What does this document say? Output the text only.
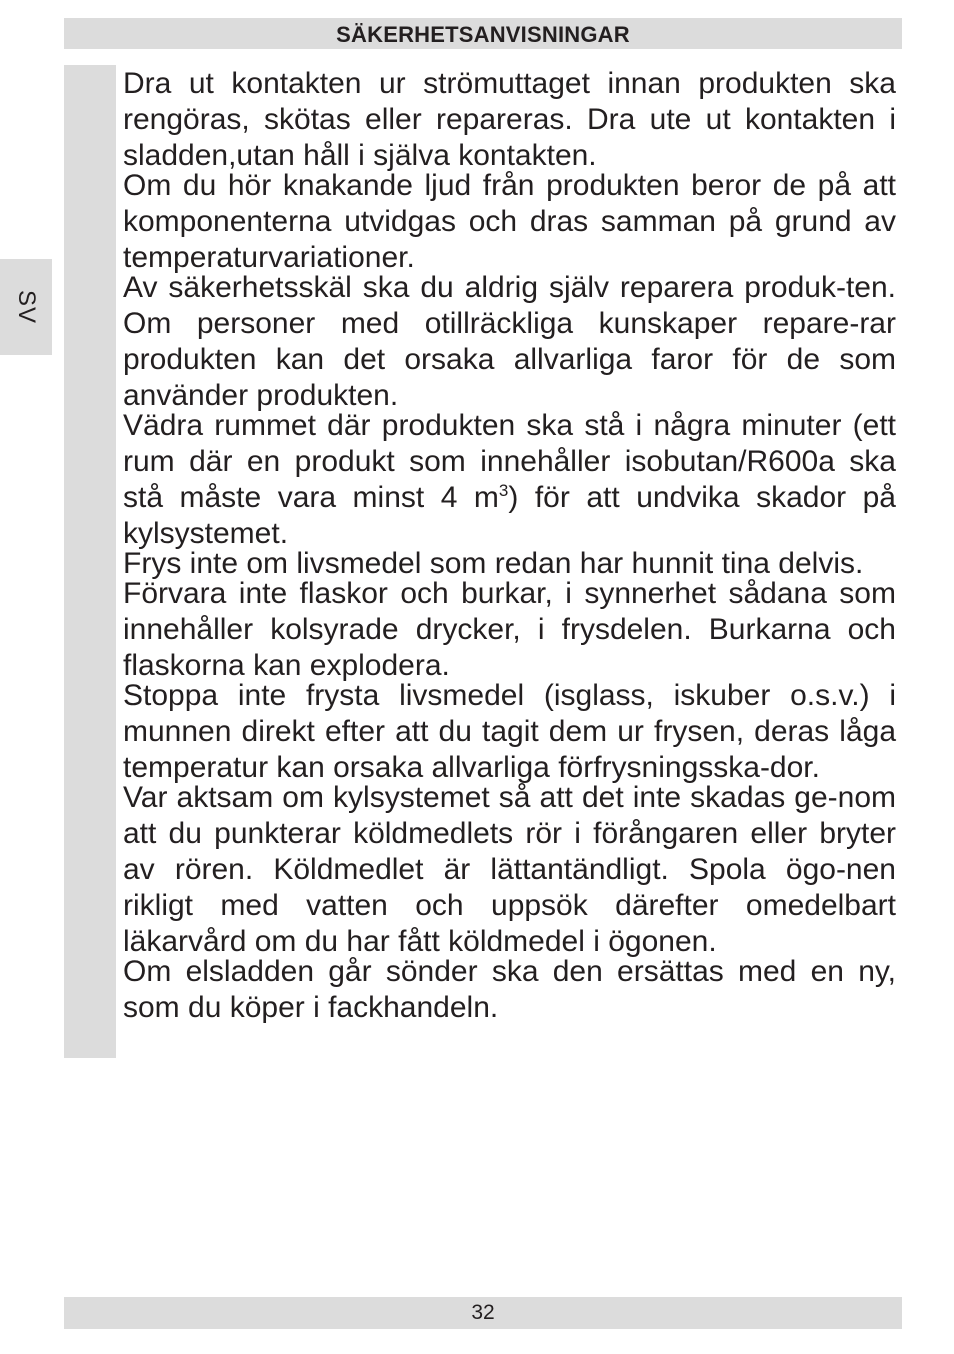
SÄKERHETSANVISNINGAR
SV

Dra ut kontakten ur strömuttaget innan produkten ska rengöras, skötas eller repareras. Dra ute ut kontakten i sladden,utan håll i själva kontakten.

Om du hör knakande ljud från produkten beror de på att komponenterna utvidgas och dras samman på grund av temperaturvariationer.

Av säkerhetsskäl ska du aldrig själv reparera produk-ten. Om personer med otillräckliga kunskaper repare-rar produkten kan det orsaka allvarliga faror för de som använder produkten.

Vädra rummet där produkten ska stå i några minuter (ett rum där en produkt som innehåller isobutan/R600a ska stå måste vara minst 4 $m^3$) för att undvika skador på kylsystemet.

Frys inte om livsmedel som redan har hunnit tina delvis.

Förvara inte flaskor och burkar, i synnerhet sådana som innehåller kolsyrade drycker, i frysdelen. Burkarna och flaskorna kan explodera.

Stoppa inte frysta livsmedel (isglass, iskuber o.s.v.) i munnen direkt efter att du tagit dem ur frysen, deras låga temperatur kan orsaka allvarliga förfrysningsska-dor.

Var aktsam om kylsystemet så att det inte skadas ge-nom att du punkterar köldmedlets rör i förångaren eller bryter av rören. Köldmedlet är lättantändligt. Spola ögo-nen rikligt med vatten och uppsök därefter omedelbart läkarvård om du har fått köldmedel i ögonen.

Om elsladden går sönder ska den ersättas med en ny, som du köper i fackhandeln.

32
